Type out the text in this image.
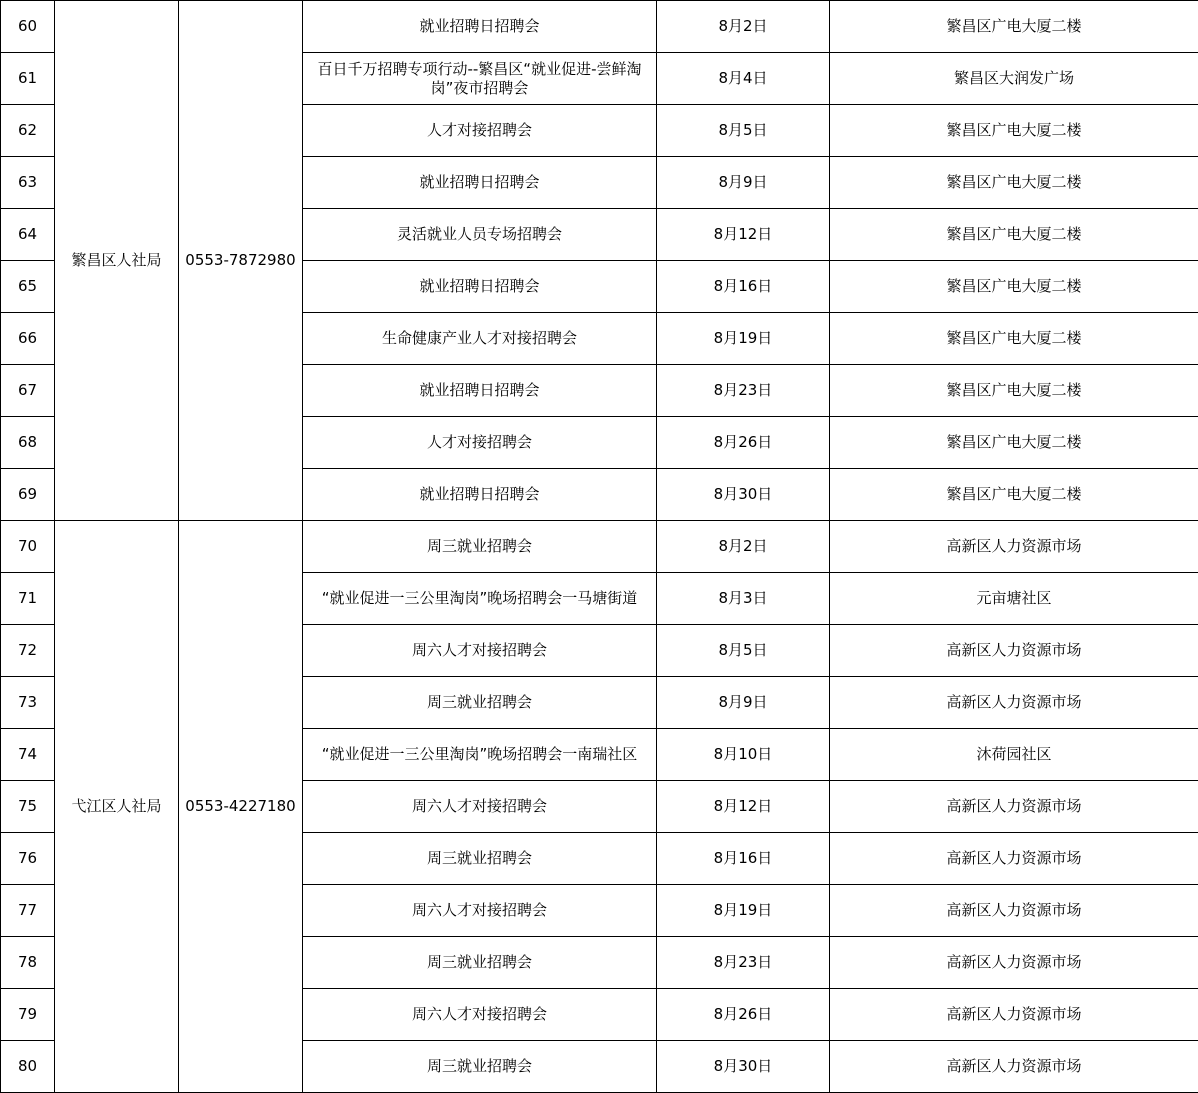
60	繁昌区人社局	0553-7872980	就业招聘日招聘会	8月2日	繁昌区广电大厦二楼
61			百日千万招聘专项行动--繁昌区“就业促进-尝鲜淘岗”夜市招聘会	8月4日	繁昌区大润发广场
62			人才对接招聘会	8月5日	繁昌区广电大厦二楼
63			就业招聘日招聘会	8月9日	繁昌区广电大厦二楼
64			灵活就业人员专场招聘会	8月12日	繁昌区广电大厦二楼
65			就业招聘日招聘会	8月16日	繁昌区广电大厦二楼
66			生命健康产业人才对接招聘会	8月19日	繁昌区广电大厦二楼
67			就业招聘日招聘会	8月23日	繁昌区广电大厦二楼
68			人才对接招聘会	8月26日	繁昌区广电大厦二楼
69			就业招聘日招聘会	8月30日	繁昌区广电大厦二楼
70	弋江区人社局	0553-4227180	周三就业招聘会	8月2日	高新区人力资源市场
71			“就业促进一三公里淘岗”晚场招聘会一马塘街道	8月3日	元亩塘社区
72			周六人才对接招聘会	8月5日	高新区人力资源市场
73			周三就业招聘会	8月9日	高新区人力资源市场
74			“就业促进一三公里淘岗”晚场招聘会一南瑞社区	8月10日	沐荷园社区
75			周六人才对接招聘会	8月12日	高新区人力资源市场
76			周三就业招聘会	8月16日	高新区人力资源市场
77			周六人才对接招聘会	8月19日	高新区人力资源市场
78			周三就业招聘会	8月23日	高新区人力资源市场
79			周六人才对接招聘会	8月26日	高新区人力资源市场
80			周三就业招聘会	8月30日	高新区人力资源市场
